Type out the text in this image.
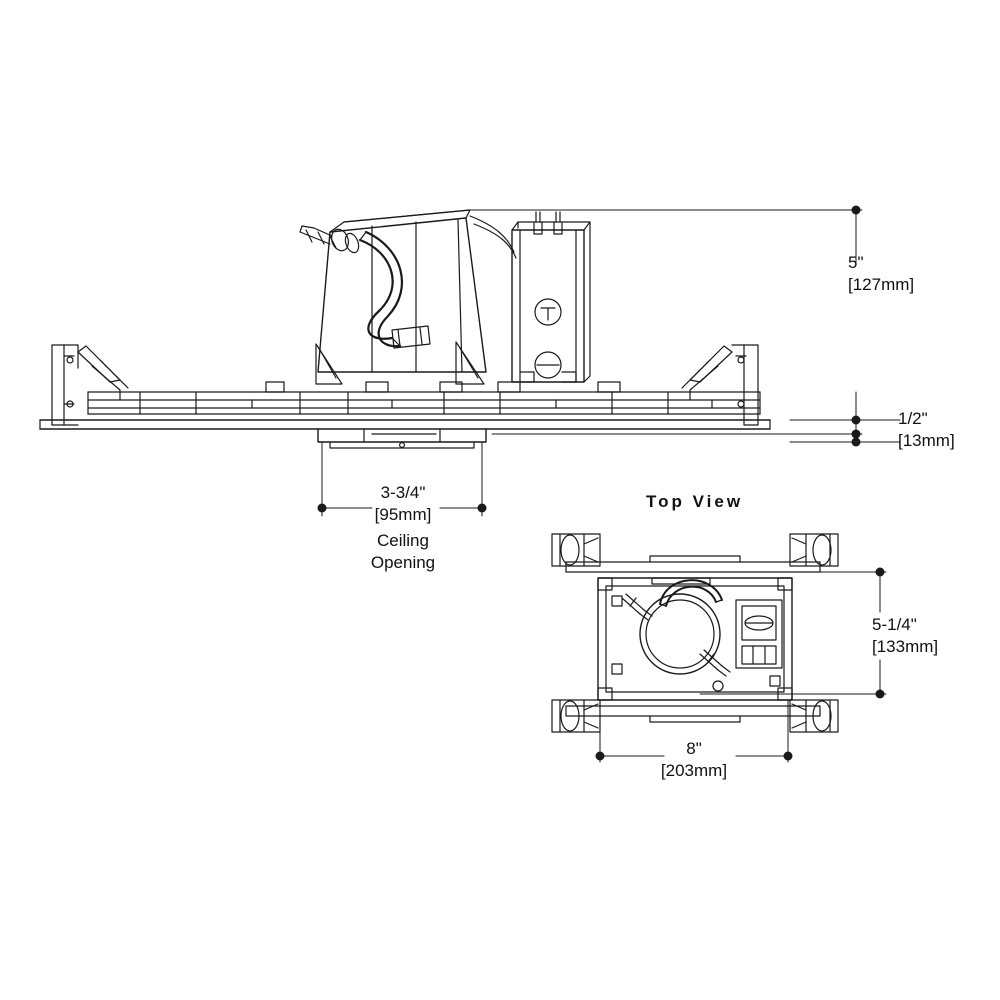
5"
[127mm]
1/2"
[13mm]
3-3/4"
[95mm]
Ceiling
Opening
Top View
5-1/4"
[133mm]
8"
[203mm]
